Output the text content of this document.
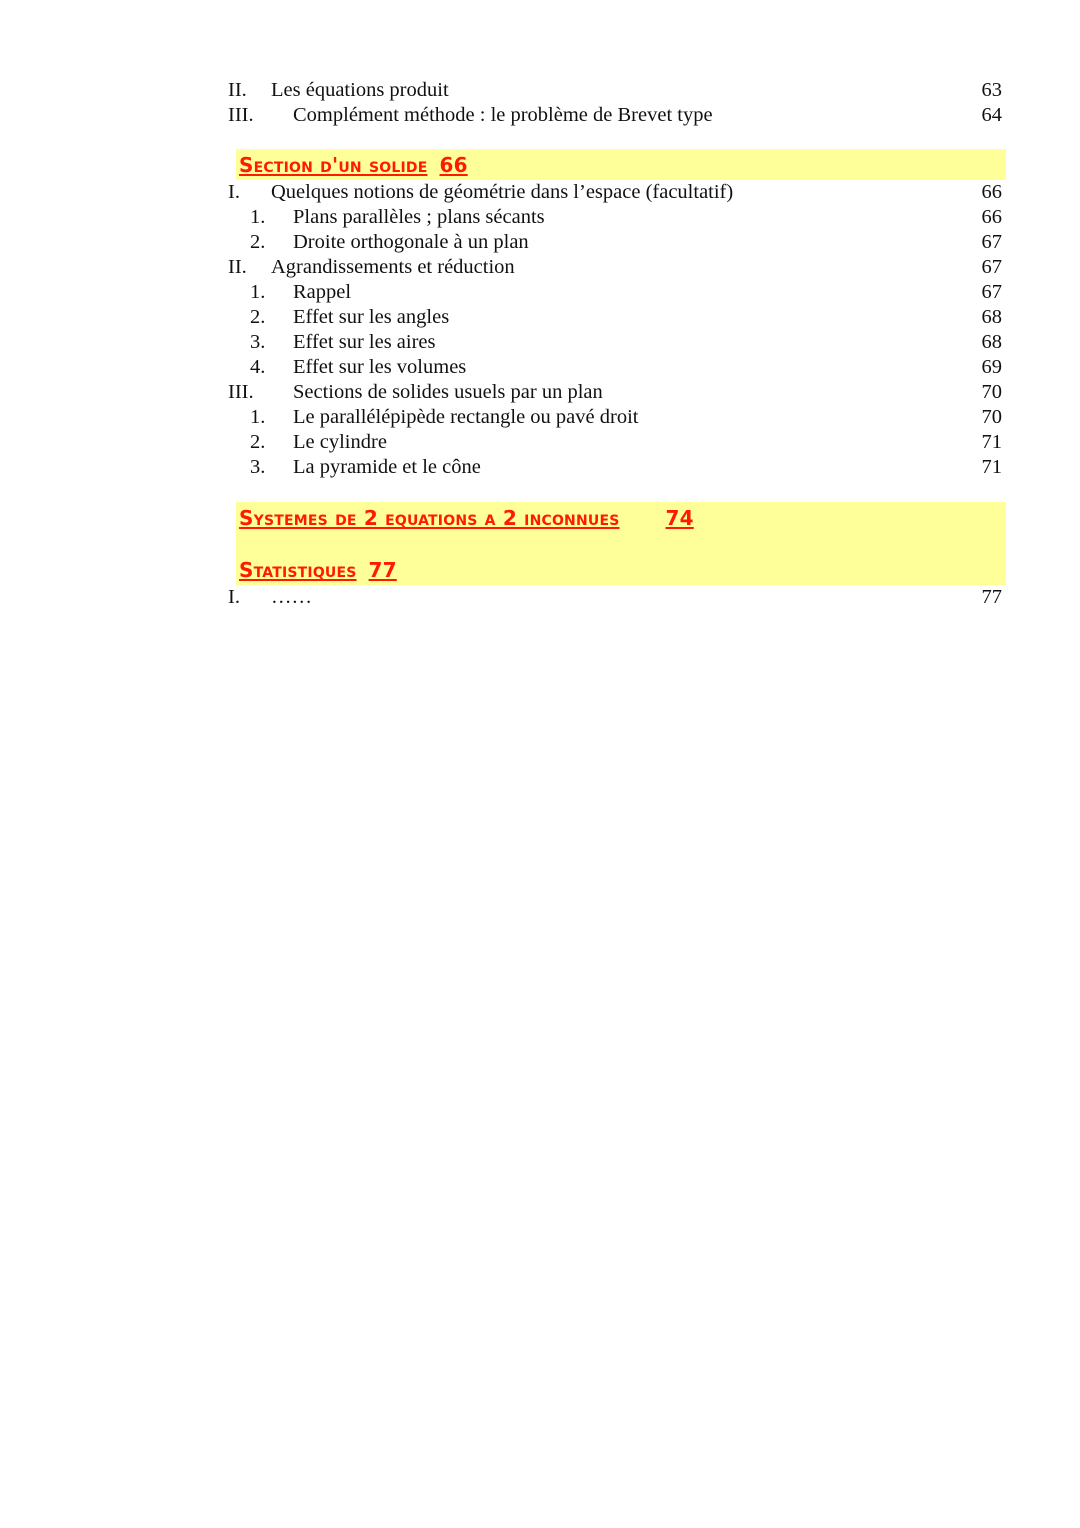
II. Les équations produit	63
III. Complément méthode : le problème de Brevet type	64
Section d'un solide 66
I. Quelques notions de géométrie dans l’espace (facultatif)	66
1. Plans parallèles ; plans sécants	66
2. Droite orthogonale à un plan	67
II. Agrandissements et réduction	67
1. Rappel	67
2. Effet sur les angles	68
3. Effet sur les aires	68
4. Effet sur les volumes	69
III. Sections de solides usuels par un plan	70
1. Le parallélépipède rectangle ou pavé droit	70
2. Le cylindre	71
3. La pyramide et le cône	71
Systemes de 2 equations a 2 inconnues 74
Statistiques 77
I. ……	77
